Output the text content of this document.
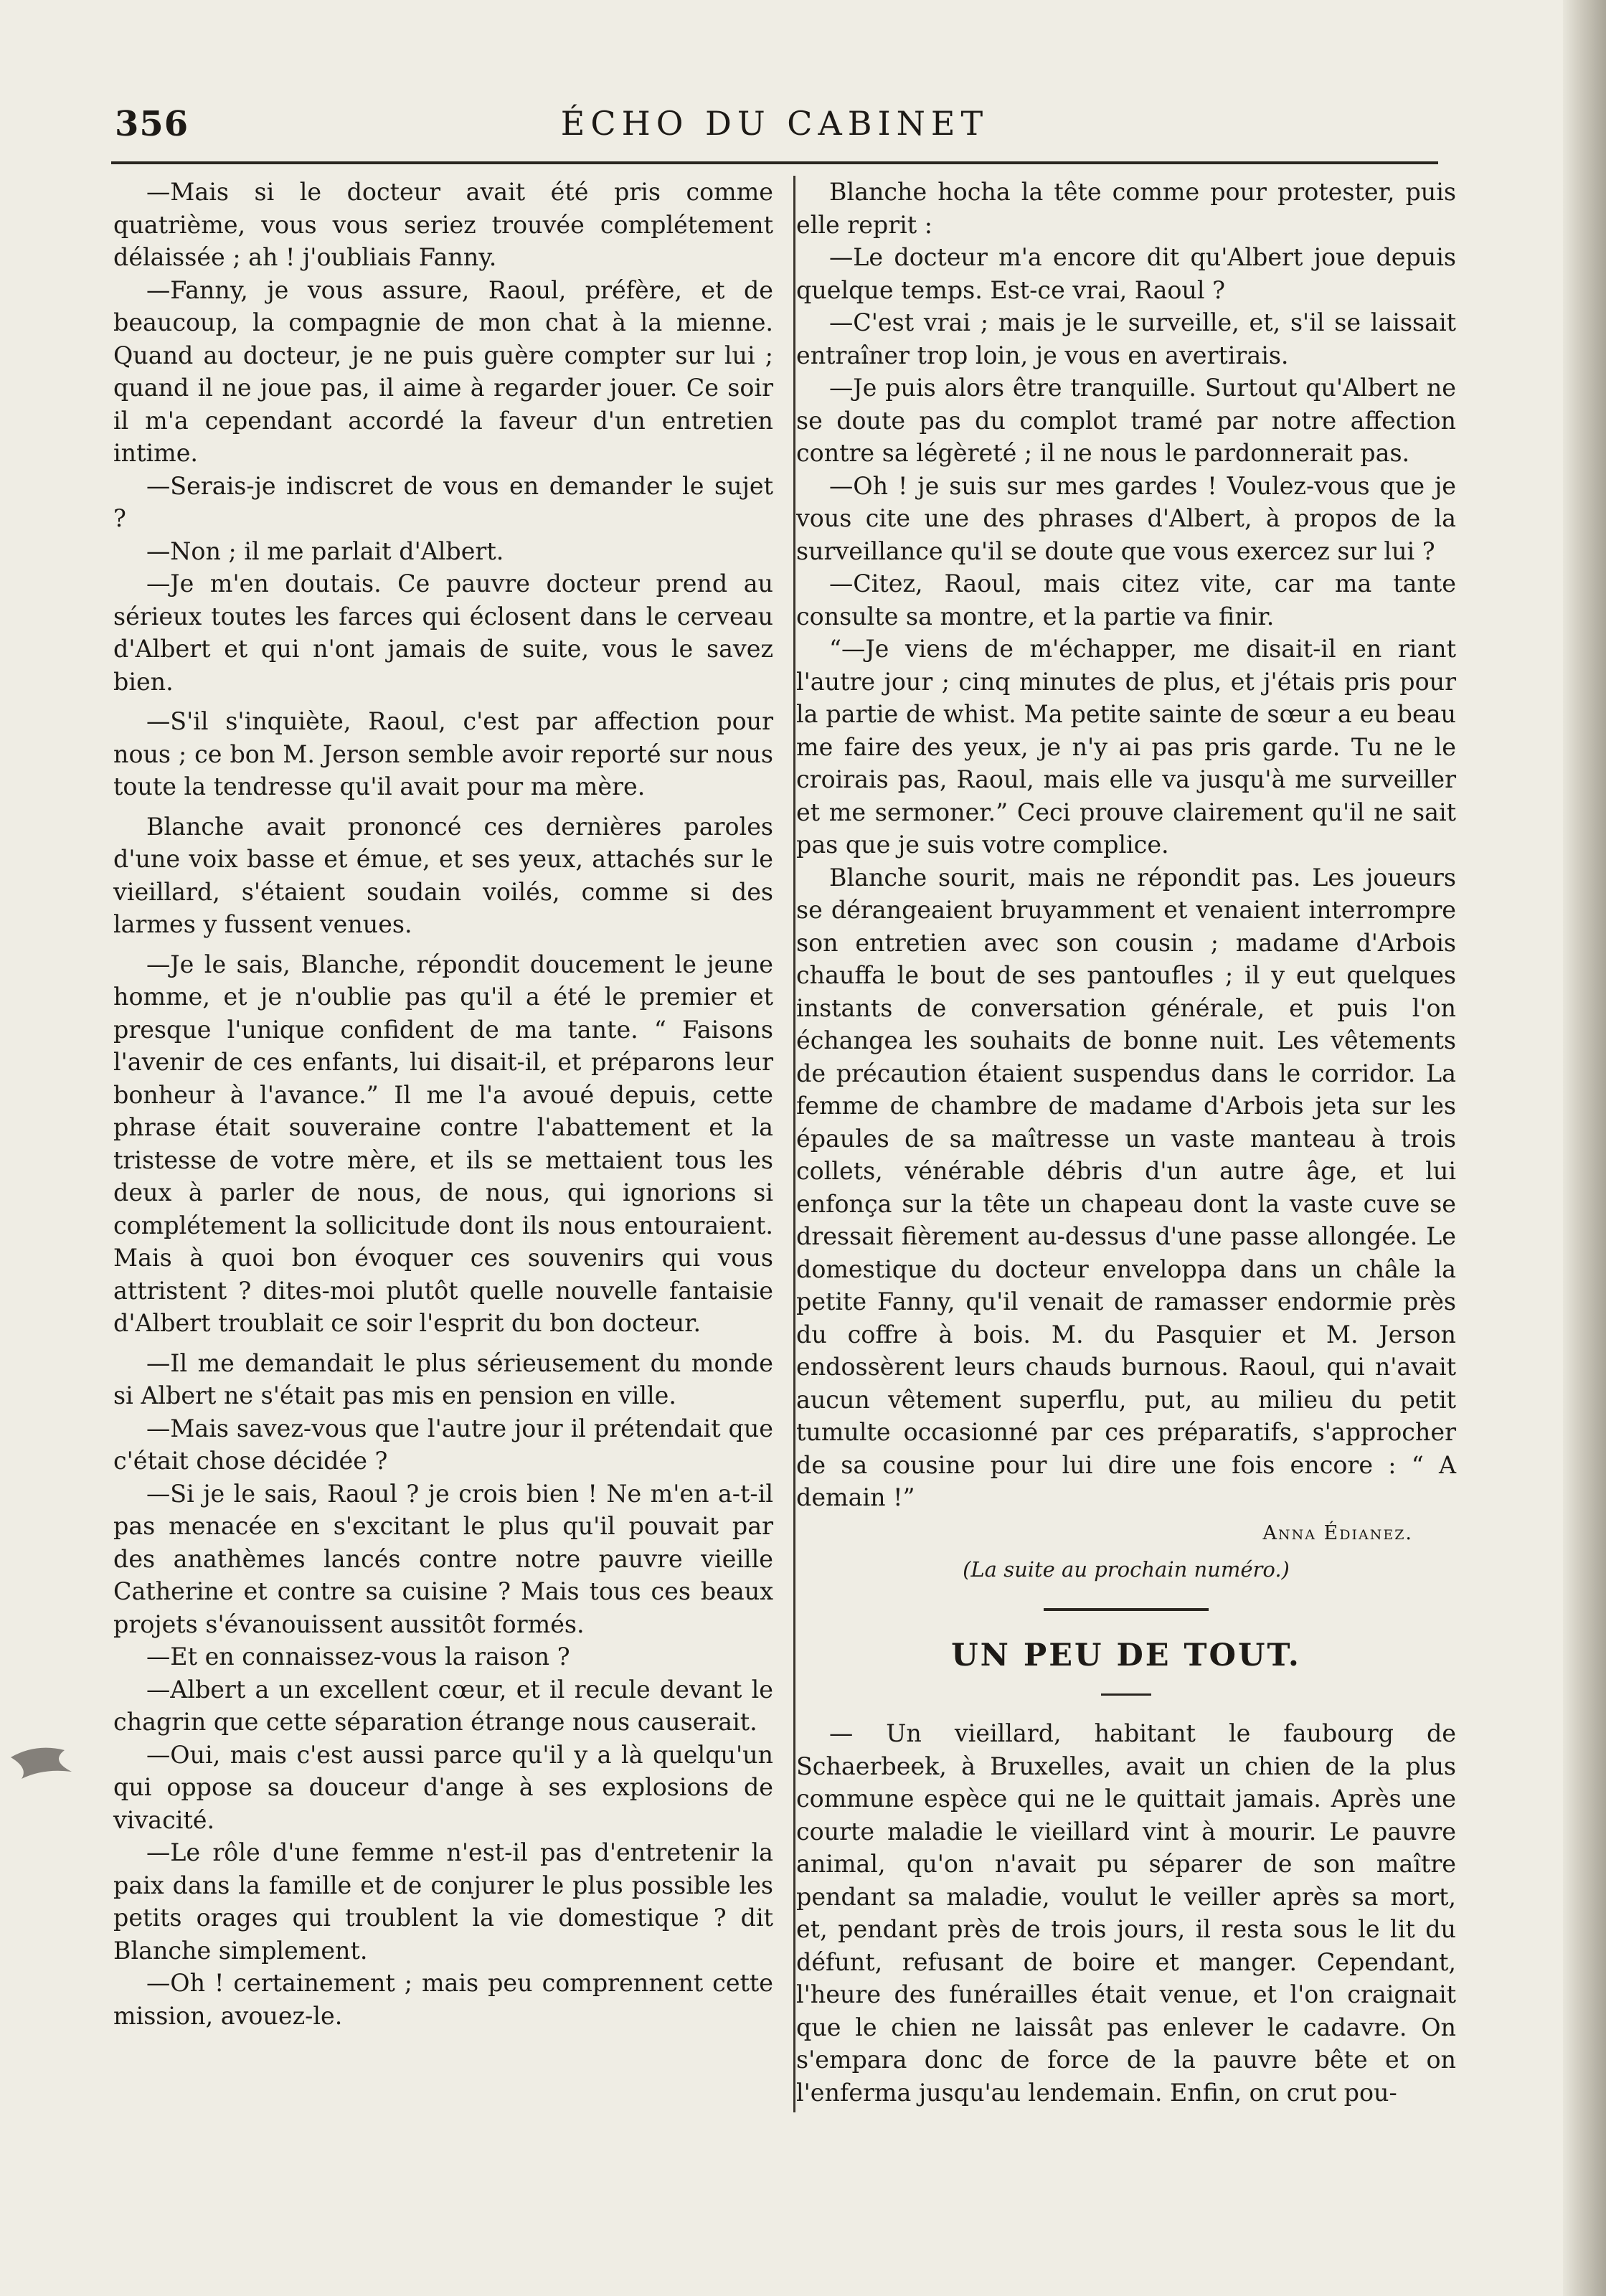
356	ÉCHO DU CABINET

—Mais si le docteur avait été pris comme quatrième, vous vous seriez trouvée complétement délaissée ; ah ! j'oubliais Fanny.

—Fanny, je vous assure, Raoul, préfère, et de beaucoup, la compagnie de mon chat à la mienne. Quand au docteur, je ne puis guère compter sur lui ; quand il ne joue pas, il aime à regarder jouer. Ce soir il m'a cependant accordé la faveur d'un entretien intime.

—Serais-je indiscret de vous en demander le sujet ?

—Non ; il me parlait d'Albert.

—Je m'en doutais. Ce pauvre docteur prend au sérieux toutes les farces qui éclosent dans le cerveau d'Albert et qui n'ont jamais de suite, vous le savez bien.

—S'il s'inquiète, Raoul, c'est par affection pour nous ; ce bon M. Jerson semble avoir reporté sur nous toute la tendresse qu'il avait pour ma mère.

Blanche avait prononcé ces dernières paroles d'une voix basse et émue, et ses yeux, attachés sur le vieillard, s'étaient soudain voilés, comme si des larmes y fussent venues.

—Je le sais, Blanche, répondit doucement le jeune homme, et je n'oublie pas qu'il a été le premier et presque l'unique confident de ma tante. “ Faisons l'avenir de ces enfants, lui disait-il, et préparons leur bonheur à l'avance.” Il me l'a avoué depuis, cette phrase était souveraine contre l'abattement et la tristesse de votre mère, et ils se mettaient tous les deux à parler de nous, de nous, qui ignorions si complétement la sollicitude dont ils nous entouraient. Mais à quoi bon évoquer ces souvenirs qui vous attristent ? dites-moi plutôt quelle nouvelle fantaisie d'Albert troublait ce soir l'esprit du bon docteur.

—Il me demandait le plus sérieusement du monde si Albert ne s'était pas mis en pension en ville.

—Mais savez-vous que l'autre jour il prétendait que c'était chose décidée ?

—Si je le sais, Raoul ? je crois bien ! Ne m'en a-t-il pas menacée en s'excitant le plus qu'il pouvait par des anathèmes lancés contre notre pauvre vieille Catherine et contre sa cuisine ? Mais tous ces beaux projets s'évanouissent aussitôt formés.

—Et en connaissez-vous la raison ?

—Albert a un excellent cœur, et il recule devant le chagrin que cette séparation étrange nous causerait.

—Oui, mais c'est aussi parce qu'il y a là quelqu'un qui oppose sa douceur d'ange à ses explosions de vivacité.

—Le rôle d'une femme n'est-il pas d'entretenir la paix dans la famille et de conjurer le plus possible les petits orages qui troublent la vie domestique ? dit Blanche simplement.

—Oh ! certainement ; mais peu comprennent cette mission, avouez-le.

Blanche hocha la tête comme pour protester, puis elle reprit :

—Le docteur m'a encore dit qu'Albert joue depuis quelque temps. Est-ce vrai, Raoul ?

—C'est vrai ; mais je le surveille, et, s'il se laissait entraîner trop loin, je vous en avertirais.

—Je puis alors être tranquille. Surtout qu'Albert ne se doute pas du complot tramé par notre affection contre sa légèreté ; il ne nous le pardonnerait pas.

—Oh ! je suis sur mes gardes ! Voulez-vous que je vous cite une des phrases d'Albert, à propos de la surveillance qu'il se doute que vous exercez sur lui ?

—Citez, Raoul, mais citez vite, car ma tante consulte sa montre, et la partie va finir.

“—Je viens de m'échapper, me disait-il en riant l'autre jour ; cinq minutes de plus, et j'étais pris pour la partie de whist. Ma petite sainte de sœur a eu beau me faire des yeux, je n'y ai pas pris garde. Tu ne le croirais pas, Raoul, mais elle va jusqu'à me surveiller et me sermoner.” Ceci prouve clairement qu'il ne sait pas que je suis votre complice.

Blanche sourit, mais ne répondit pas. Les joueurs se dérangeaient bruyamment et venaient interrompre son entretien avec son cousin ; madame d'Arbois chauffa le bout de ses pantoufles ; il y eut quelques instants de conversation générale, et puis l'on échangea les souhaits de bonne nuit. Les vêtements de précaution étaient suspendus dans le corridor. La femme de chambre de madame d'Arbois jeta sur les épaules de sa maîtresse un vaste manteau à trois collets, vénérable débris d'un autre âge, et lui enfonça sur la tête un chapeau dont la vaste cuve se dressait fièrement au-dessus d'une passe allongée. Le domestique du docteur enveloppa dans un châle la petite Fanny, qu'il venait de ramasser endormie près du coffre à bois. M. du Pasquier et M. Jerson endossèrent leurs chauds burnous. Raoul, qui n'avait aucun vêtement superflu, put, au milieu du petit tumulte occasionné par ces préparatifs, s'approcher de sa cousine pour lui dire une fois encore : “ A demain !”

Anna Édianez.

(La suite au prochain numéro.)

UN PEU DE TOUT.

— Un vieillard, habitant le faubourg de Schaerbeek, à Bruxelles, avait un chien de la plus commune espèce qui ne le quittait jamais. Après une courte maladie le vieillard vint à mourir. Le pauvre animal, qu'on n'avait pu séparer de son maître pendant sa maladie, voulut le veiller après sa mort, et, pendant près de trois jours, il resta sous le lit du défunt, refusant de boire et manger. Cependant, l'heure des funérailles était venue, et l'on craignait que le chien ne laissât pas enlever le cadavre. On s'empara donc de force de la pauvre bête et on l'enferma jusqu'au lendemain. Enfin, on crut pou-
